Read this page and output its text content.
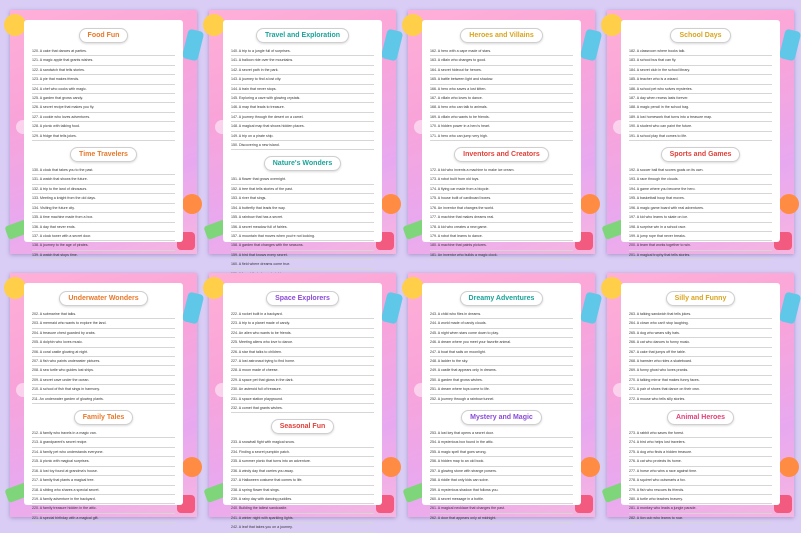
Food Fun
120. A cake that dances at parties.
121. A magic apple that grants wishes.
122. A sandwich that tells stories.
123. A pie that makes friends.
124. A chef who cooks with magic.
125. A garden that grows candy.
126. A secret recipe that makes you fly.
127. A cookie who loves adventures.
128. A picnic with talking food.
129. A fridge that tells jokes.
Time Travelers
130. A clock that takes you to the past.
131. A watch that shows the future.
132. A trip to the land of dinosaurs.
133. Meeting a knight from the old days.
134. Visiting the future city.
135. A time machine made from a box.
136. A day that never ends.
137. A clock tower with a secret door.
138. A journey to the age of pirates.
139. A watch that stops time.
Travel and Exploration
140. A trip to a jungle full of surprises.
141. A balloon ride over the mountains.
142. A secret path in the park.
143. A journey to find a lost city.
144. A train that never stops.
145. Exploring a cave with glowing crystals.
146. A map that leads to treasure.
147. A journey through the desert on a camel.
148. A magical map that shows hidden places.
149. A trip on a pirate ship.
150. Discovering a new island.
Nature's Wonders
151. A flower that grows overnight.
152. A tree that tells stories of the past.
153. A river that sings.
154. A butterfly that leads the way.
155. A rainbow that has a secret.
156. A secret meadow full of fairies.
157. A mountain that moves when you're not looking.
158. A garden that changes with the seasons.
159. A bird that knows every secret.
160. A field where dreams come true.
Heroes and Villains
162. A hero with a cape made of stars.
163. A villain who changes to good.
164. A secret hideout for heroes.
165. A battle between light and shadow.
166. A hero who saves a lost kitten.
167. A villain who loves to dance.
168. A hero who can talk to animals.
169. A villain who wants to be friends.
170. A hidden power in a hero's heart.
171. A hero who can jump very high.
Inventors and Creators
172. A kid who invents a machine to make ice cream.
173. A robot built from old toys.
174. A flying car made from a bicycle.
175. A house built of cardboard boxes.
176. An inventor that changes the world.
177. A machine that makes dreams real.
178. A kid who creates a new game.
179. A robot that learns to dance.
180. A machine that paints pictures.
181. An inventor who builds a magic clock.
School Days
182. A classroom where books talk.
183. A school bus that can fly.
184. A secret club in the school library.
185. A teacher who is a wizard.
186. A school pet who solves mysteries.
187. A day when recess lasts forever.
188. A magic pencil in the school bag.
189. A lost homework that turns into a treasure map.
190. A student who can paint the future.
191. A school play that comes to life.
Sports and Games
192. A soccer ball that scores goals on its own.
193. A race through the clouds.
194. A game where you become the hero.
195. A basketball hoop that moves.
196. A magic game board with real adventures.
197. A kid who learns to skate on ice.
198. A surprise win in a school race.
199. A jump rope that never breaks.
200. A team that works together to win.
201. A magical trophy that tells stories.
Underwater Wonders
202. A submarine that talks.
203. A mermaid who wants to explore the land.
204. A treasure chest guarded by crabs.
205. A dolphin who loves music.
206. A coral castle glowing at night.
207. A fish who paints underwater pictures.
208. A sea turtle who guides lost ships.
209. A secret cave under the ocean.
210. A school of fish that sings in harmony.
211. An underwater garden of glowing plants.
Family Tales
212. A family who travels in a magic van.
213. A grandparent's secret recipe.
214. A family pet who understands everyone.
215. A picnic with magical surprises.
216. A lost toy found at grandma's house.
217. A family that plants a magical tree.
218. A sibling who shares a special secret.
219. A family adventure in the backyard.
220. A family treasure hidden in the attic.
221. A special birthday with a magical gift.
Space Explorers
222. A rocket built in a backyard.
223. A trip to a planet made of candy.
224. An alien who wants to be friends.
225. Meeting aliens who love to dance.
226. A star that talks to children.
227. A lost astronaut trying to find home.
228. A moon made of cheese.
229. A space pet that glows in the dark.
230. An asteroid full of treasure.
231. A space station playground.
232. A comet that grants wishes.
Seasonal Fun
233. A snowball fight with magical snow.
234. Finding a secret pumpkin patch.
235. A summer picnic that turns into an adventure.
236. A windy day that carries you away.
237. A Halloween costume that comes to life.
238. A spring flower that sings.
239. A rainy day with dancing puddles.
240. Building the tallest sandcastle.
241. A winter night with sparkling lights.
242. A leaf that takes you on a journey.
Dreamy Adventures
243. A child who flies in dreams.
244. A world made of candy clouds.
245. A night when stars come down to play.
246. A dream where you meet your favorite animal.
247. A boat that sails on moonlight.
248. A ladder to the sky.
249. A castle that appears only in dreams.
250. A garden that grows wishes.
251. A dream where toys come to life.
252. A journey through a rainbow tunnel.
Mystery and Magic
253. A lost key that opens a secret door.
254. A mysterious box found in the attic.
255. A magic spell that goes wrong.
256. A hidden map to an old book.
257. A glowing stone with strange powers.
258. A riddle that only kids can solve.
259. A mysterious shadow that follows you.
260. A secret message in a bottle.
261. A magical necklace that changes the past.
262. A door that appears only at midnight.
Silly and Funny
263. A talking sandwich that tells jokes.
264. A clown who can't stop laughing.
265. A dog who wears silly hats.
266. A cat who dances to funny music.
267. A cake that jumps off the table.
268. A hamster who rides a skateboard.
269. A funny ghost who loves pranks.
270. A talking mirror that makes funny faces.
271. A pair of shoes that dance on their own.
272. A mouse who tells silly stories.
Animal Heroes
273. A rabbit who saves the forest.
274. A bird who helps lost travelers.
275. A dog who finds a hidden treasure.
276. A cat who protects its home.
277. A horse who wins a race against time.
278. A squirrel who outsmarts a fox.
279. A fish who rescues its friends.
280. A turtle who teaches bravery.
281. A monkey who leads a jungle parade.
282. A lion cub who learns to roar.
